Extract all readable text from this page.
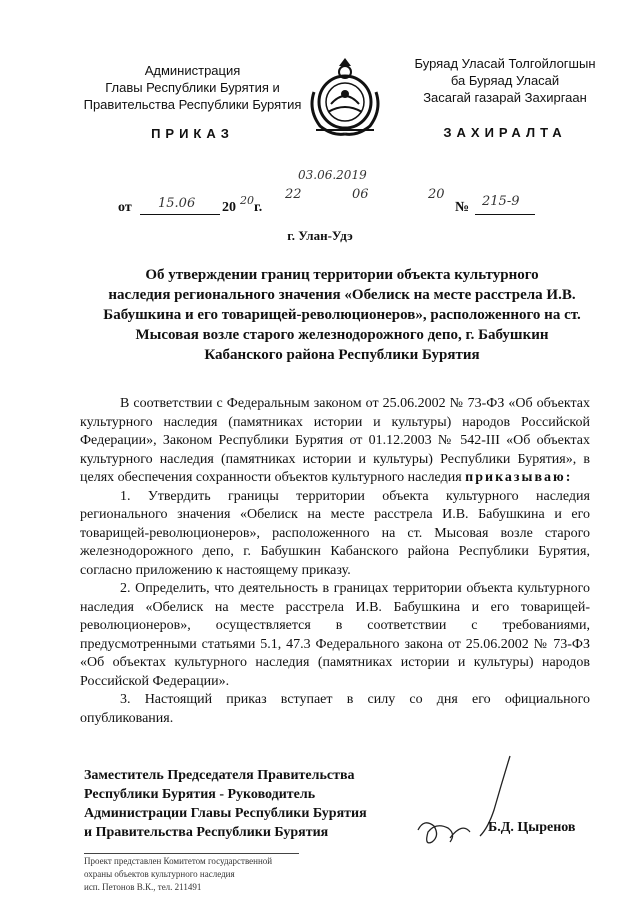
Администрация
Главы Республики Бурятия и
Правительства Республики Бурятия
ПРИКАЗ
Буряад Уласай Толгойлогшын
ба Буряад Уласай
Засагай газарай Захиргаан
ЗАХИРАЛТА
03.06.2019
22	06	20
от 15.06 20 20 г.	№ 215-9
г. Улан-Удэ
Об утверждении границ территории объекта культурного
наследия регионального значения «Обелиск на месте расстрела И.В.
Бабушкина и его товарищей-революционеров», расположенного на ст.
Мысовая возле старого железнодорожного депо, г. Бабушкин
Кабанского района Республики Бурятия

В соответствии с Федеральным законом от 25.06.2002 № 73-ФЗ «Об объектах культурного наследия (памятниках истории и культуры) народов Российской Федерации», Законом Республики Бурятия от 01.12.2003 № 542-III «Об объектах культурного наследия (памятниках истории и культуры) Республики Бурятия», в целях обеспечения сохранности объектов культурного наследия приказываю:

1. Утвердить границы территории объекта культурного наследия регионального значения «Обелиск на месте расстрела И.В. Бабушкина и его товарищей-революционеров», расположенного на ст. Мысовая возле старого железнодорожного депо, г. Бабушкин Кабанского района Республики Бурятия, согласно приложению к настоящему приказу.

2. Определить, что деятельность в границах территории объекта культурного наследия «Обелиск на месте расстрела И.В. Бабушкина и его товарищей-революционеров», осуществляется в соответствии с требованиями, предусмотренными статьями 5.1, 47.3 Федерального закона от 25.06.2002 № 73-ФЗ «Об объектах культурного наследия (памятниках истории и культуры) народов Российской Федерации».

3. Настоящий приказ вступает в силу со дня его официального опубликования.

Заместитель Председателя Правительства
Республики Бурятия - Руководитель
Администрации Главы Республики Бурятия
и Правительства Республики Бурятия	Б.Д. Цыренов
Проект представлен Комитетом государственной
охраны объектов культурного наследия
исп. Петонов В.К., тел. 211491
